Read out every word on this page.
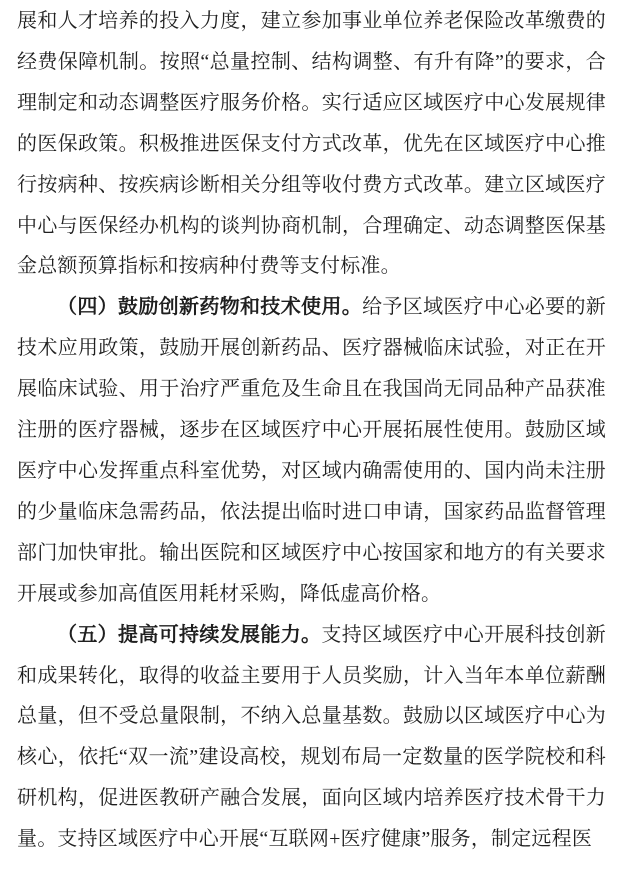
展和人才培养的投入力度，建立参加事业单位养老保险改革缴费的经费保障机制。按照“总量控制、结构调整、有升有降”的要求，合理制定和动态调整医疗服务价格。实行适应区域医疗中心发展规律的医保政策。积极推进医保支付方式改革，优先在区域医疗中心推行按病种、按疾病诊断相关分组等收付费方式改革。建立区域医疗中心与医保经办机构的谈判协商机制，合理确定、动态调整医保基金总额预算指标和按病种付费等支付标准。

（四）鼓励创新药物和技术使用。给予区域医疗中心必要的新技术应用政策，鼓励开展创新药品、医疗器械临床试验，对正在开展临床试验、用于治疗严重危及生命且在我国尚无同品种产品获准注册的医疗器械，逐步在区域医疗中心开展拓展性使用。鼓励区域医疗中心发挥重点科室优势，对区域内确需使用的、国内尚未注册的少量临床急需药品，依法提出临时进口申请，国家药品监督管理部门加快审批。输出医院和区域医疗中心按国家和地方的有关要求开展或参加高值医用耗材采购，降低虚高价格。

（五）提高可持续发展能力。支持区域医疗中心开展科技创新和成果转化，取得的收益主要用于人员奖励，计入当年本单位薪酬总量，但不受总量限制，不纳入总量基数。鼓励以区域医疗中心为核心，依托“双一流”建设高校，规划布局一定数量的医学院校和科研机构，促进医教研产融合发展，面向区域内培养医疗技术骨干力量。支持区域医疗中心开展“互联网+医疗健康”服务，制定远程医
